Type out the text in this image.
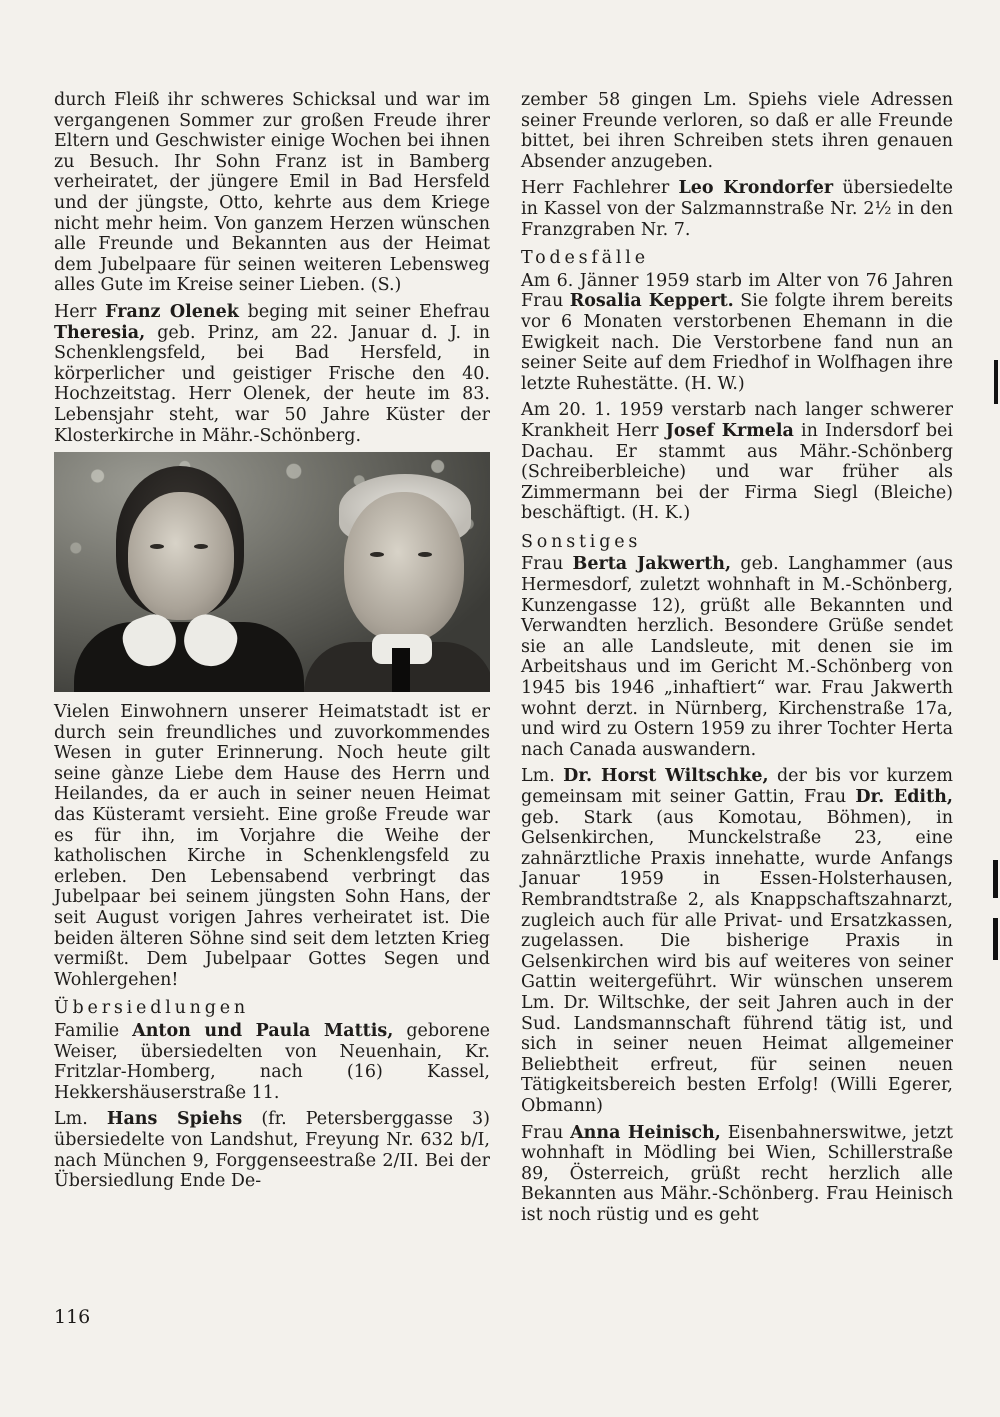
durch Fleiß ihr schweres Schicksal und war im vergangenen Sommer zur großen Freude ihrer Eltern und Geschwister einige Wochen bei ihnen zu Besuch. Ihr Sohn Franz ist in Bamberg verheiratet, der jüngere Emil in Bad Hersfeld und der jüngste, Otto, kehrte aus dem Kriege nicht mehr heim. Von ganzem Herzen wünschen alle Freunde und Bekannten aus der Heimat dem Jubelpaare für seinen weiteren Lebensweg alles Gute im Kreise seiner Lieben. (S.)

Herr Franz Olenek beging mit seiner Ehefrau Theresia, geb. Prinz, am 22. Januar d. J. in Schenklengsfeld, bei Bad Hersfeld, in körperlicher und geistiger Frische den 40. Hochzeitstag. Herr Olenek, der heute im 83. Lebensjahr steht, war 50 Jahre Küster der Klosterkirche in Mähr.-Schönberg.

Vielen Einwohnern unserer Heimatstadt ist er durch sein freundliches und zuvorkommendes Wesen in guter Erinnerung. Noch heute gilt seine gànze Liebe dem Hause des Herrn und Heilandes, da er auch in seiner neuen Heimat das Küsteramt versieht. Eine große Freude war es für ihn, im Vorjahre die Weihe der katholischen Kirche in Schenklengsfeld zu erleben. Den Lebensabend verbringt das Jubelpaar bei seinem jüngsten Sohn Hans, der seit August vorigen Jahres verheiratet ist. Die beiden älteren Söhne sind seit dem letzten Krieg vermißt. Dem Jubelpaar Gottes Segen und Wohlergehen!

Übersiedlungen

Familie Anton und Paula Mattis, geborene Weiser, übersiedelten von Neuenhain, Kr. Fritzlar-Homberg, nach (16) Kassel, Hekkershäuserstraße 11.

Lm. Hans Spiehs (fr. Petersberggasse 3) übersiedelte von Landshut, Freyung Nr. 632 b/I, nach München 9, Forggenseestraße 2/II. Bei der Übersiedlung Ende De-

zember 58 gingen Lm. Spiehs viele Adressen seiner Freunde verloren, so daß er alle Freunde bittet, bei ihren Schreiben stets ihren genauen Absender anzugeben.

Herr Fachlehrer Leo Krondorfer übersiedelte in Kassel von der Salzmannstraße Nr. 2½ in den Franzgraben Nr. 7.

Todesfälle

Am 6. Jänner 1959 starb im Alter von 76 Jahren Frau Rosalia Keppert. Sie folgte ihrem bereits vor 6 Monaten verstorbenen Ehemann in die Ewigkeit nach. Die Verstorbene fand nun an seiner Seite auf dem Friedhof in Wolfhagen ihre letzte Ruhestätte. (H. W.)

Am 20. 1. 1959 verstarb nach langer schwerer Krankheit Herr Josef Krmela in Indersdorf bei Dachau. Er stammt aus Mähr.-Schönberg (Schreiberbleiche) und war früher als Zimmermann bei der Firma Siegl (Bleiche) beschäftigt. (H. K.)

Sonstiges

Frau Berta Jakwerth, geb. Langhammer (aus Hermesdorf, zuletzt wohnhaft in M.-Schönberg, Kunzengasse 12), grüßt alle Bekannten und Verwandten herzlich. Besondere Grüße sendet sie an alle Landsleute, mit denen sie im Arbeitshaus und im Gericht M.-Schönberg von 1945 bis 1946 „inhaftiert“ war. Frau Jakwerth wohnt derzt. in Nürnberg, Kirchenstraße 17a, und wird zu Ostern 1959 zu ihrer Tochter Herta nach Canada auswandern.

Lm. Dr. Horst Wiltschke, der bis vor kurzem gemeinsam mit seiner Gattin, Frau Dr. Edith, geb. Stark (aus Komotau, Böhmen), in Gelsenkirchen, Munckelstraße 23, eine zahnärztliche Praxis innehatte, wurde Anfangs Januar 1959 in Essen-Holsterhausen, Rembrandtstraße 2, als Knappschaftszahnarzt, zugleich auch für alle Privat- und Ersatzkassen, zugelassen. Die bisherige Praxis in Gelsenkirchen wird bis auf weiteres von seiner Gattin weitergeführt. Wir wünschen unserem Lm. Dr. Wiltschke, der seit Jahren auch in der Sud. Landsmannschaft führend tätig ist, und sich in seiner neuen Heimat allgemeiner Beliebtheit erfreut, für seinen neuen Tätigkeitsbereich besten Erfolg! (Willi Egerer, Obmann)

Frau Anna Heinisch, Eisenbahnerswitwe, jetzt wohnhaft in Mödling bei Wien, Schillerstraße 89, Österreich, grüßt recht herzlich alle Bekannten aus Mähr.-Schönberg. Frau Heinisch ist noch rüstig und es geht

116
